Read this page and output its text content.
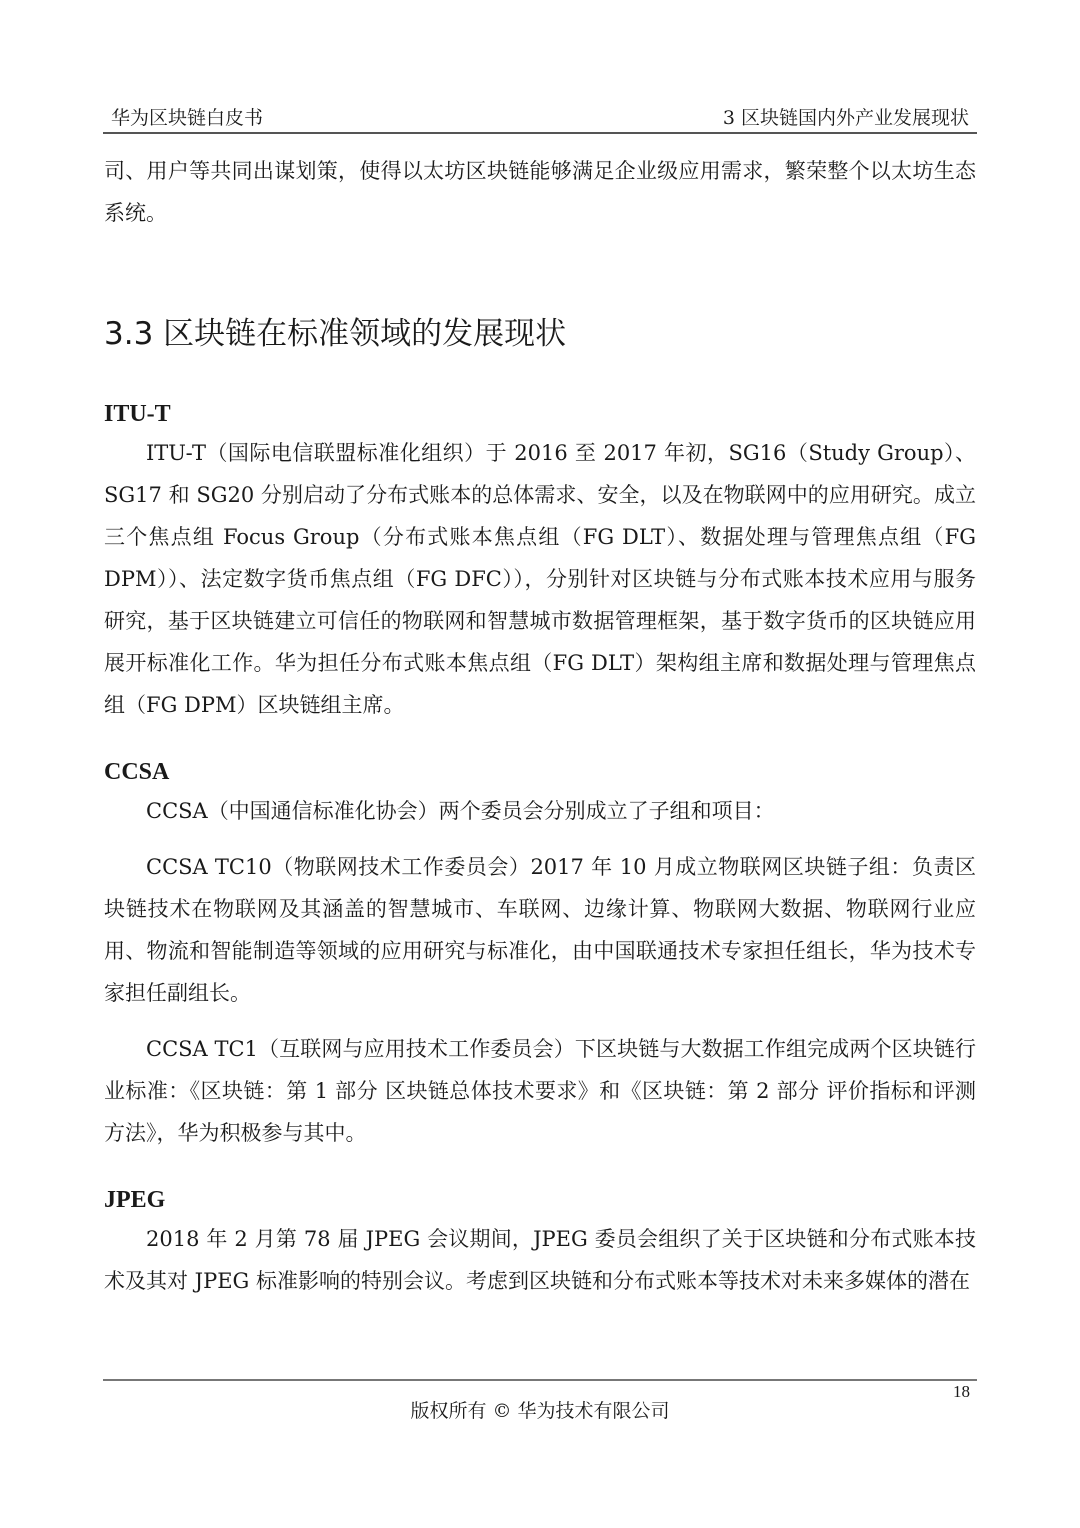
华为区块链白皮书	3 区块链国内外产业发展现状

司、用户等共同出谋划策，使得以太坊区块链能够满足企业级应用需求，繁荣整个以太坊生态系统。

3.3 区块链在标准领域的发展现状
ITU-T

ITU-T（国际电信联盟标准化组织）于 2016 至 2017 年初，SG16（Study Group）、SG17 和 SG20 分别启动了分布式账本的总体需求、安全，以及在物联网中的应用研究。成立三个焦点组 Focus Group（分布式账本焦点组（FG DLT）、数据处理与管理焦点组（FG DPM））、法定数字货币焦点组（FG DFC）），分别针对区块链与分布式账本技术应用与服务研究，基于区块链建立可信任的物联网和智慧城市数据管理框架，基于数字货币的区块链应用展开标准化工作。华为担任分布式账本焦点组（FG DLT）架构组主席和数据处理与管理焦点组（FG DPM）区块链组主席。

CCSA

CCSA（中国通信标准化协会）两个委员会分别成立了子组和项目：

CCSA TC10（物联网技术工作委员会）2017 年 10 月成立物联网区块链子组：负责区块链技术在物联网及其涵盖的智慧城市、车联网、边缘计算、物联网大数据、物联网行业应用、物流和智能制造等领域的应用研究与标准化，由中国联通技术专家担任组长，华为技术专家担任副组长。

CCSA TC1（互联网与应用技术工作委员会）下区块链与大数据工作组完成两个区块链行业标准：《区块链：第 1 部分 区块链总体技术要求》和《区块链：第 2 部分 评价指标和评测方法》，华为积极参与其中。

JPEG

2018 年 2 月第 78 届 JPEG 会议期间，JPEG 委员会组织了关于区块链和分布式账本技术及其对 JPEG 标准影响的特别会议。考虑到区块链和分布式账本等技术对未来多媒体的潜在

18
版权所有 © 华为技术有限公司
